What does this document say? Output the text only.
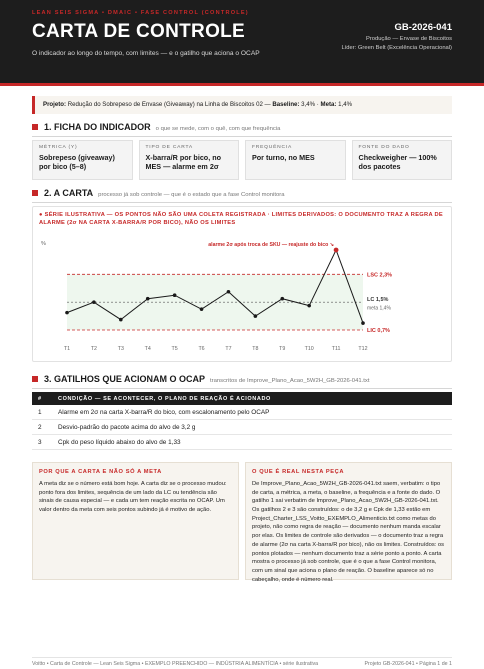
LEAN SEIS SIGMA • DMAIC • FASE CONTROL (CONTROLE)
CARTA DE CONTROLE
O indicador ao longo do tempo, com limites — e o gatilho que aciona o OCAP
GB-2026-041
Produção — Envase de Biscoitos
Líder: Green Belt (Excelência Operacional)
Projeto: Redução do Sobrepeso de Envase (Giveaway) na Linha de Biscoitos 02 — Baseline: 3,4% · Meta: 1,4%
1. FICHA DO INDICADOR o que se mede, com o quê, com que frequência
MÉTRICA (Y)
Sobrepeso (giveaway) por bico (5–8)
TIPO DE CARTA
X-barra/R por bico, no MES — alarme em 2σ
FREQUÊNCIA
Por turno, no MES
FONTE DO DADO
Checkweigher — 100% dos pacotes
2. A CARTA processo já sob controle — que é o estado que a fase Control monitora
● SÉRIE ILUSTRATIVA — OS PONTOS NÃO SÃO UMA COLETA REGISTRADA · LIMITES DERIVADOS: O DOCUMENTO TRAZ A REGRA DE ALARME (2σ NA CARTA X-BARRA/R POR BICO), NÃO OS LIMITES
LSC 2,3%
LC 1,5%
meta 1,4%
LIC 0,7%
%	alarme 2σ após troca de SKU — reajuste do bico ↘
T1	T2	T3	T4	T5	T6	T7	T8	T9	T10	T11	T12
3. GATILHOS QUE ACIONAM O OCAP transcritos de Improve_Plano_Acao_5W2H_GB-2026-041.txt
#	CONDIÇÃO — SE ACONTECER, O PLANO DE REAÇÃO É ACIONADO
1	Alarme em 2σ na carta X-barra/R do bico, com escalonamento pelo OCAP
2	Desvio-padrão do pacote acima do alvo de 3,2 g
3	Cpk do peso líquido abaixo do alvo de 1,33
POR QUE A CARTA E NÃO SÓ A META
A meta diz se o número está bom hoje. A carta diz se o processo mudou: ponto fora dos limites, sequência de um lado da LC ou tendência são sinais de causa especial — e cada um tem reação escrita no OCAP. Um valor dentro da meta com seis pontos subindo já é motivo de ação.
O QUE É REAL NESTA PEÇA
De Improve_Plano_Acao_5W2H_GB-2026-041.txt saem, verbatim: o tipo de carta, a métrica, a meta, o baseline, a frequência e a fonte do dado. O gatilho 1 sai verbatim de Improve_Plano_Acao_5W2H_GB-2026-041.txt. Os gatilhos 2 e 3 são construídos: o de 3,2 g e Cpk de 1,33 estão em Project_Charter_LSS_Voitto_EXEMPLO_Alimenticio.txt como metas do projeto, não como regra de reação — documento nenhum manda escalar por elas. Os limites de controle são derivados — o documento traz a regra de alarme (2σ na carta X-barra/R por bico), não os limites. Construídos: os pontos plotados — nenhum documento traz a série ponto a ponto. A carta mostra o processo já sob controle, que é o que a fase Control monitora, com um sinal que aciona o plano de reação. O baseline aparece só no cabeçalho, onde é número real.
Voitto • Carta de Controle — Lean Seis Sigma • EXEMPLO PREENCHIDO — INDÚSTRIA ALIMENTÍCIA • série ilustrativa	Projeto GB-2026-041 • Página 1 de 1
